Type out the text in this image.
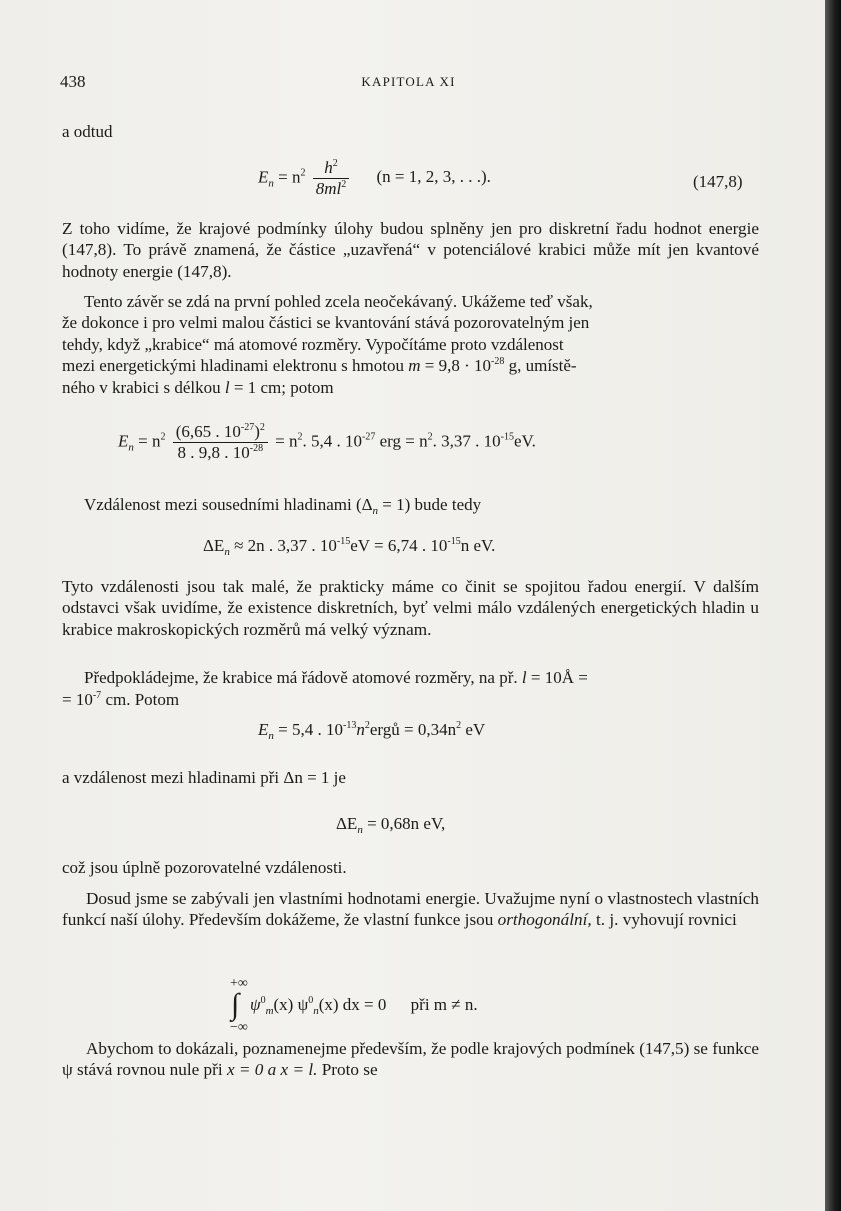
438	KAPITOLA XI
a odtud
$E_n = n^2 \frac{h^2}{8ml^2} (n = 1$, 2, 3, . . .).	(147,8)
Z toho vidíme, že krajové podmínky úlohy budou splněny jen pro diskretní řadu hodnot energie (147,8). To právě znamená, že částice „uzavřená“ v potenciálové krabici může mít jen kvantové hodnoty energie (147,8).
Tento závěr se zdá na první pohled zcela neočekávaný. Ukážeme teď však,
že dokonce i pro velmi malou částici se kvantování stává pozorovatelným jen
tehdy, když „krabice“ má atomové rozměry. Vypočítáme proto vzdálenost
mezi energetickými hladinami elektronu s hmotou $m = 9,8 \cdot 10^{-28}$ g, umístě-
ného v krabici s délkou l = 1 cm; potom
$E_n = n^2 \frac{(6,65 . 10^{-27})^2}{8 . 9,8 . 10^{-28}} = n^2$. 5,4 . $10^{-27}$ erg = $n^2$. 3,37 . $10^{-15}eV$.
Vzdálenost mezi sousedními hladinami $(\Delta_n = 1)$ bude tedy
$\Delta E_n \approx 2n$ . 3,37 . $10^{-15}eV = 6,74$ . $10^{-15}n$ eV.
Tyto vzdálenosti jsou tak malé, že prakticky máme co činit se spojitou řadou energií. V dalším odstavci však uvidíme, že existence diskretních, byť velmi málo vzdálených energetických hladin u krabice makroskopických rozměrů má velký význam.
Předpokládejme, že krabice má řádově atomové rozměry, na př. l = 10Å =
= $10^{-7}$ cm. Potom
$E_n = 5,4$ . $10^{-13}n^2ergů = 0,34n^2$ eV
a vzdálenost mezi hladinami při Δn = 1 je
$\Delta E_n = 0,68n$ eV,
což jsou úplně pozorovatelné vzdálenosti.
Dosud jsme se zabývali jen vlastními hodnotami energie. Uvažujme nyní o vlastnostech vlastních funkcí naší úlohy. Především dokážeme, že vlastní funkce jsou orthogonální, t. j. vyhovují rovnici
+∞
∫
−∞
$\psi^0_m(x)$ $\psi^0_n(x)$ dx = 0 při m ≠ n.
Abychom to dokázali, poznamenejme především, že podle krajových podmínek (147,5) se funkce ψ stává rovnou nule při x = 0 a x = l. Proto se
